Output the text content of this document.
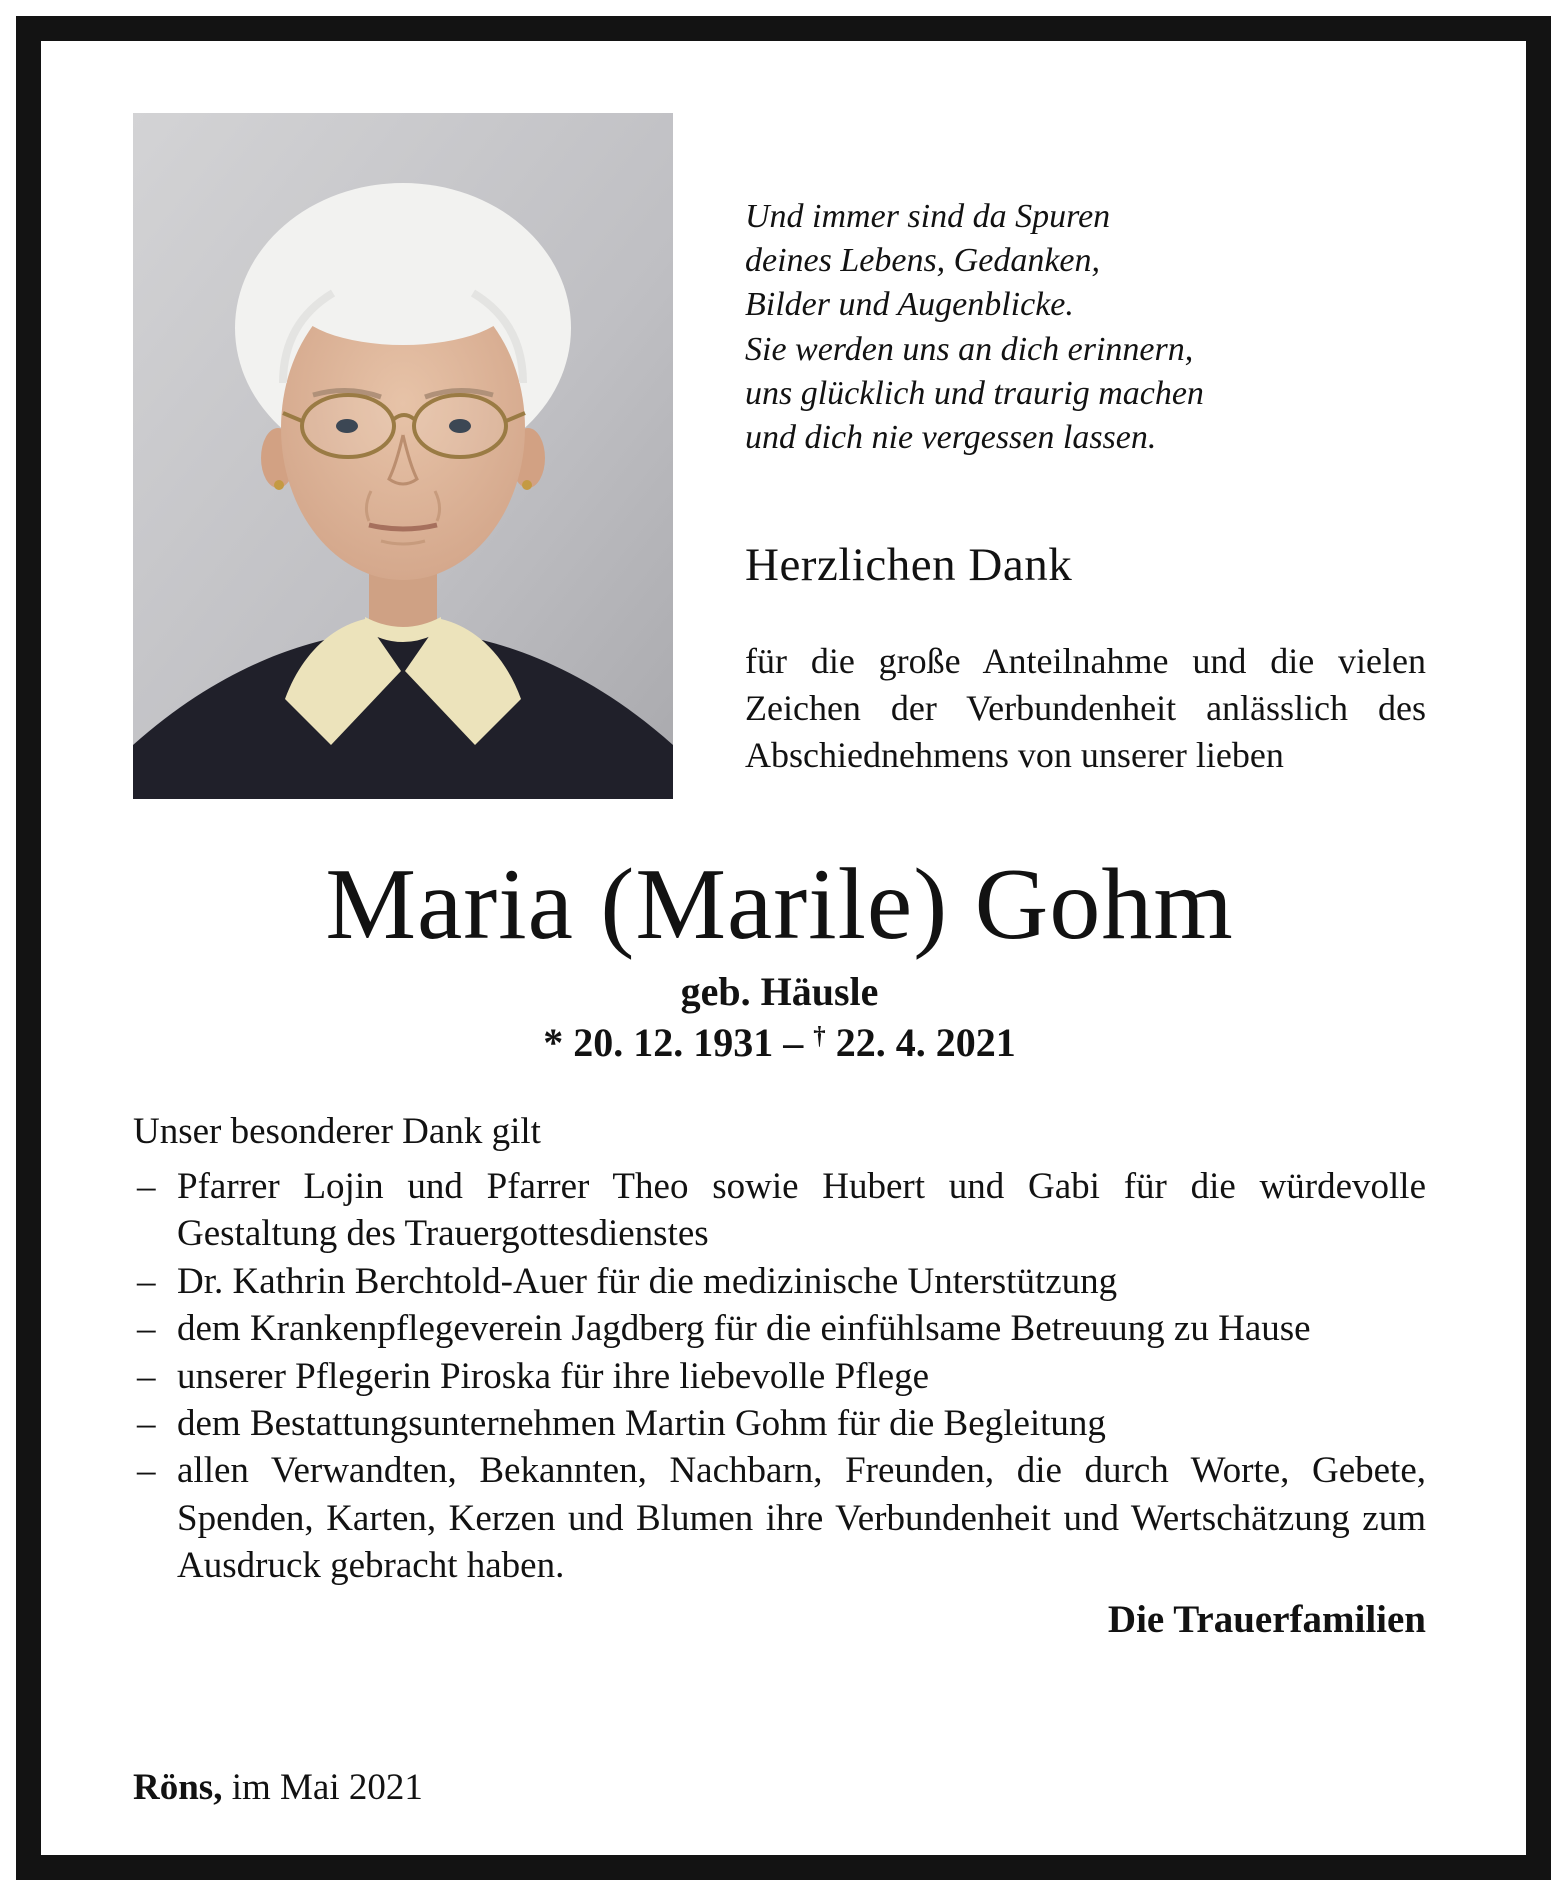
Und immer sind da Spuren
deines Lebens, Gedanken,
Bilder und Augenblicke.
Sie werden uns an dich erinnern,
uns glücklich und traurig machen
und dich nie vergessen lassen.
Herzlichen Dank
für die große Anteilnahme und die vielen Zeichen der Verbundenheit anlässlich des Abschiednehmens von unserer lieben
Maria (Marile) Gohm
geb. Häusle
* 20. 12. 1931 – † 22. 4. 2021
Unser besonderer Dank gilt
– Pfarrer Lojin und Pfarrer Theo sowie Hubert und Gabi für die würdevolle Gestaltung des Trauergottesdienstes
– Dr. Kathrin Berchtold-Auer für die medizinische Unterstützung
– dem Krankenpflegeverein Jagdberg für die einfühlsame Betreuung zu Hause
– unserer Pflegerin Piroska für ihre liebevolle Pflege
– dem Bestattungsunternehmen Martin Gohm für die Begleitung
– allen Verwandten, Bekannten, Nachbarn, Freunden, die durch Worte, Gebete, Spenden, Karten, Kerzen und Blumen ihre Verbundenheit und Wertschätzung zum Ausdruck gebracht haben.
Die Trauerfamilien
Röns, im Mai 2021
